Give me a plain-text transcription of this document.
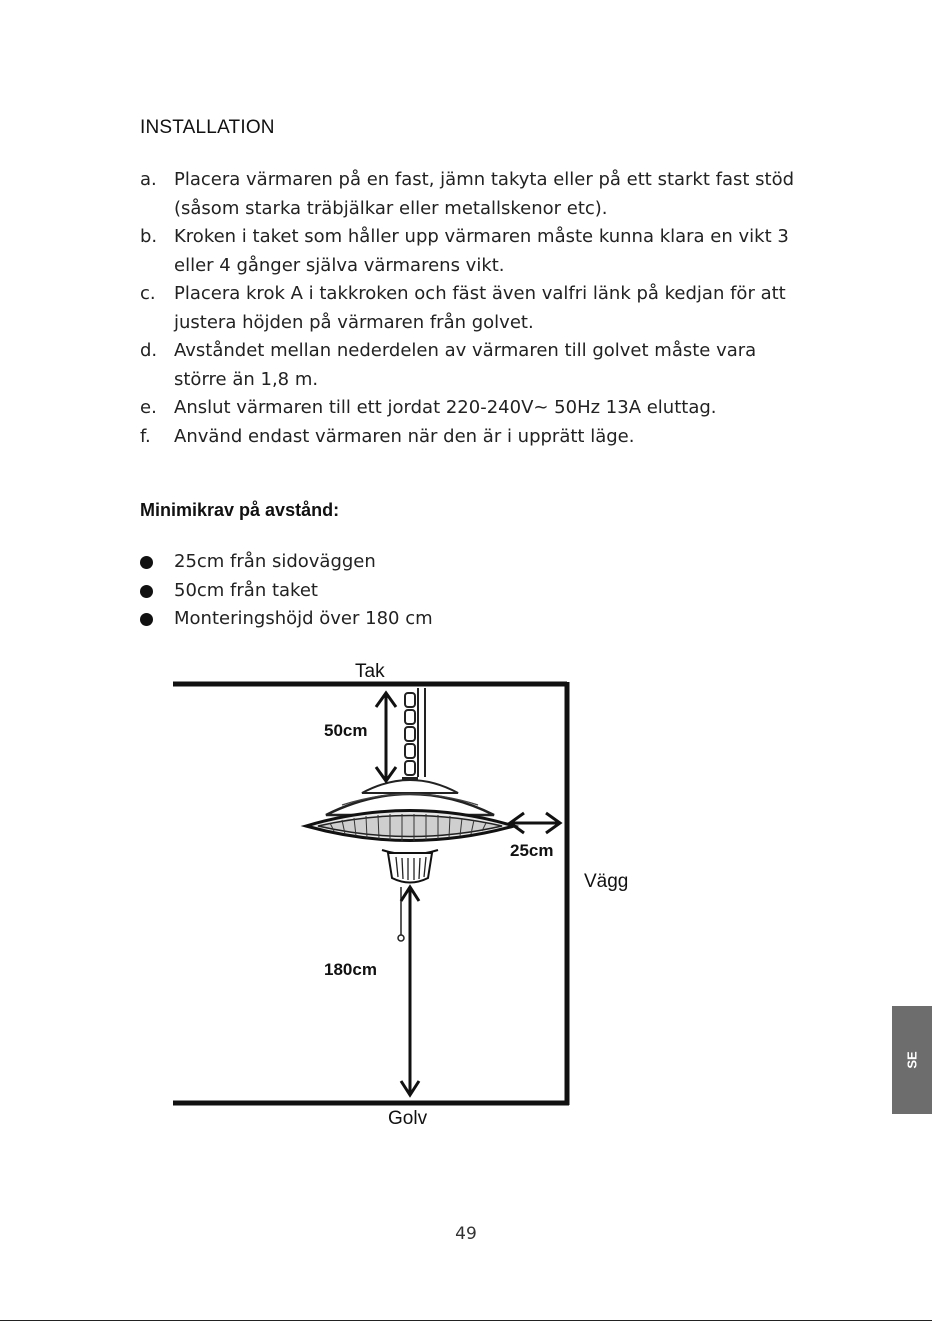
INSTALLATION
a. Placera värmaren på en fast, jämn takyta eller på ett starkt fast stöd (såsom starka träbjälkar eller metallskenor etc).
b. Kroken i taket som håller upp värmaren måste kunna klara en vikt 3 eller 4 gånger själva värmarens vikt.
c. Placera krok A i takkroken och fäst även valfri länk på kedjan för att justera höjden på värmaren från golvet.
d. Avståndet mellan nederdelen av värmaren till golvet måste vara större än 1,8 m.
e. Anslut värmaren till ett jordat 220-240V~ 50Hz 13A eluttag.
f. Använd endast värmaren när den är i upprätt läge.
Minimikrav på avstånd:
25cm från sidoväggen
50cm från taket
Monteringshöjd över 180 cm
Tak
Vägg
Golv
50cm
25cm
180cm
SE
49
